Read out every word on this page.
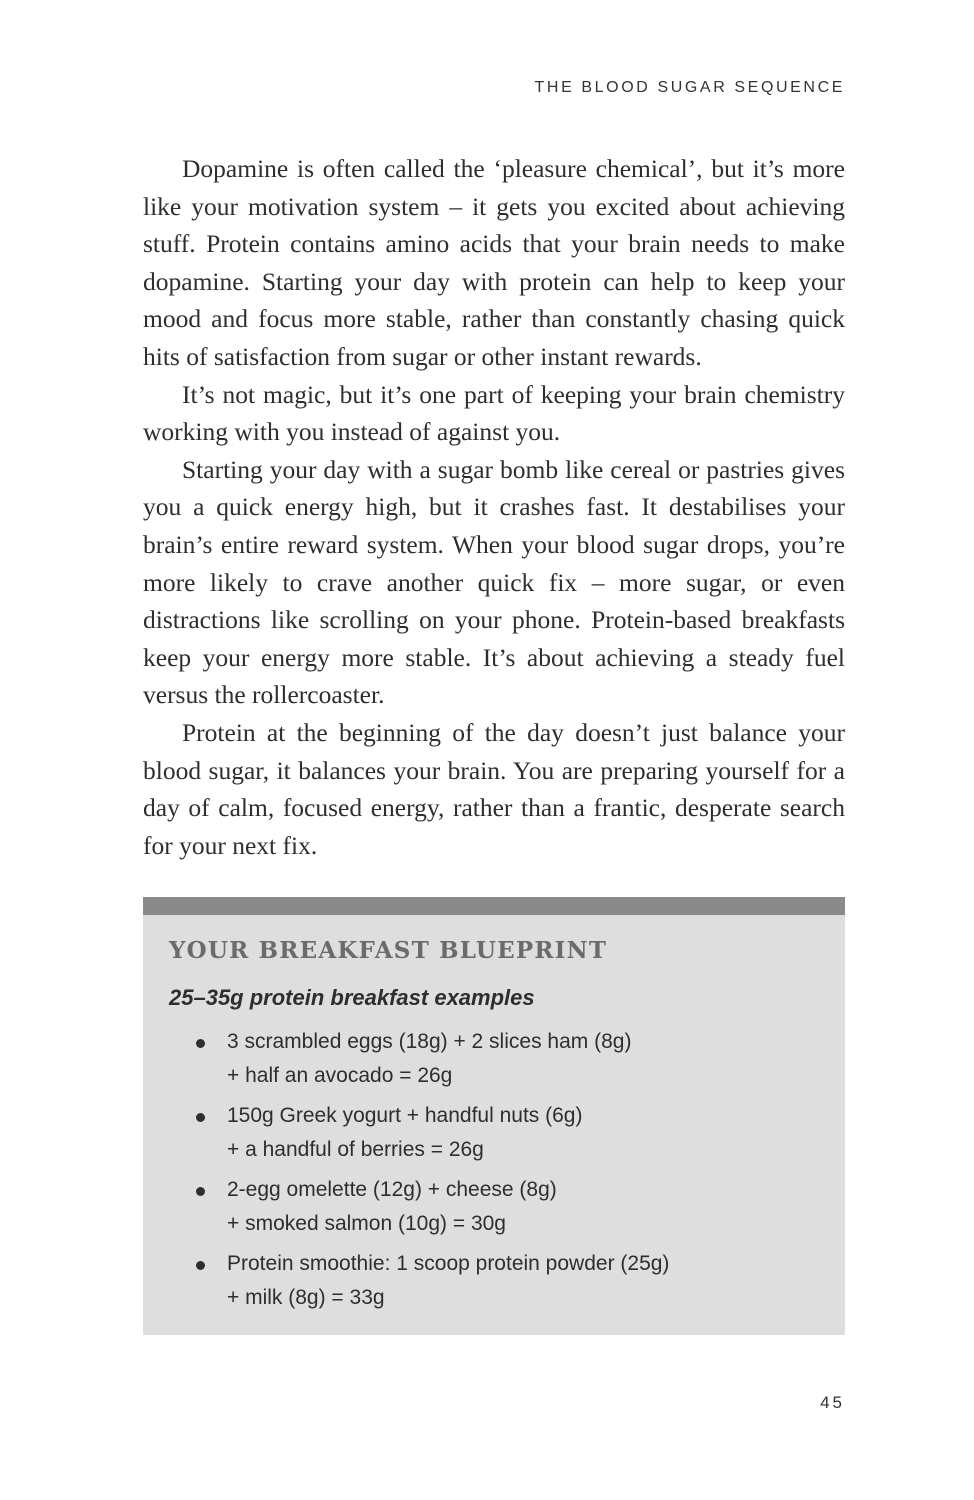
THE BLOOD SUGAR SEQUENCE

Dopamine is often called the ‘pleasure chemical’, but it’s more like your motivation system – it gets you excited about achieving stuff. Protein contains amino acids that your brain needs to make dopamine. Starting your day with protein can help to keep your mood and focus more stable, rather than constantly chasing quick hits of satisfaction from sugar or other instant rewards.

It’s not magic, but it’s one part of keeping your brain chemistry working with you instead of against you.

Starting your day with a sugar bomb like cereal or pastries gives you a quick energy high, but it crashes fast. It destabilises your brain’s entire reward system. When your blood sugar drops, you’re more likely to crave another quick fix – more sugar, or even distractions like scrolling on your phone. Protein-based breakfasts keep your energy more stable. It’s about achieving a steady fuel versus the rollercoaster.

Protein at the beginning of the day doesn’t just balance your blood sugar, it balances your brain. You are preparing yourself for a day of calm, focused energy, rather than a frantic, desperate search for your next fix.

YOUR BREAKFAST BLUEPRINT
25–35g protein breakfast examples
3 scrambled eggs (18g) + 2 slices ham (8g)
+ half an avocado = 26g
150g Greek yogurt + handful nuts (6g)
+ a handful of berries = 26g
2-egg omelette (12g) + cheese (8g)
+ smoked salmon (10g) = 30g
Protein smoothie: 1 scoop protein powder (25g)
+ milk (8g) = 33g
45
